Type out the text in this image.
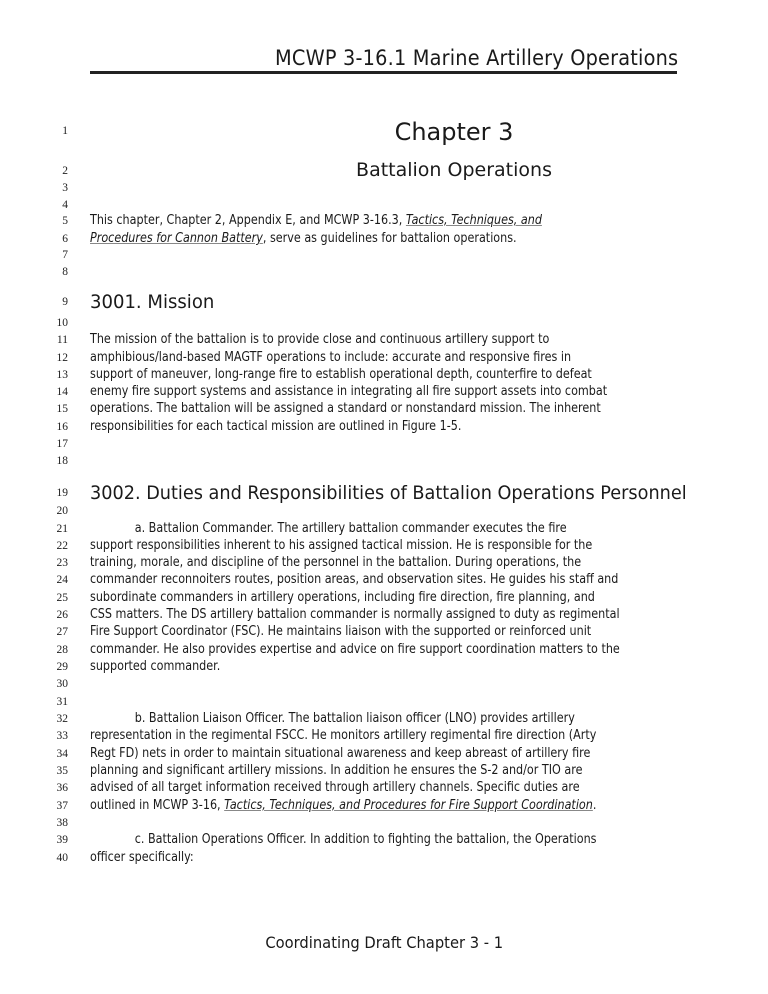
MCWP 3-16.1 Marine Artillery Operations
1
2
3
4
5
6
7
8
9
10
11
12
13
14
15
16
17
18
19
20
21
22
23
24
25
26
27
28
29
30
31
32
33
34
35
36
37
38
39
40
Chapter 3
Battalion Operations
This chapter, Chapter 2, Appendix E, and MCWP 3-16.3, Tactics, Techniques, and
Procedures for Cannon Battery, serve as guidelines for battalion operations.
3001. Mission
The mission of the battalion is to provide close and continuous artillery support to
amphibious/land-based MAGTF operations to include: accurate and responsive fires in
support of maneuver, long-range fire to establish operational depth, counterfire to defeat
enemy fire support systems and assistance in integrating all fire support assets into combat
operations. The battalion will be assigned a standard or nonstandard mission. The inherent
responsibilities for each tactical mission are outlined in Figure 1-5.
3002. Duties and Responsibilities of Battalion Operations Personnel
a. Battalion Commander. The artillery battalion commander executes the fire
support responsibilities inherent to his assigned tactical mission. He is responsible for the
training, morale, and discipline of the personnel in the battalion. During operations, the
commander reconnoiters routes, position areas, and observation sites. He guides his staff and
subordinate commanders in artillery operations, including fire direction, fire planning, and
CSS matters. The DS artillery battalion commander is normally assigned to duty as regimental
Fire Support Coordinator (FSC). He maintains liaison with the supported or reinforced unit
commander. He also provides expertise and advice on fire support coordination matters to the
supported commander.
b. Battalion Liaison Officer. The battalion liaison officer (LNO) provides artillery
representation in the regimental FSCC. He monitors artillery regimental fire direction (Arty
Regt FD) nets in order to maintain situational awareness and keep abreast of artillery fire
planning and significant artillery missions. In addition he ensures the S-2 and/or TIO are
advised of all target information received through artillery channels. Specific duties are
outlined in MCWP 3-16, Tactics, Techniques, and Procedures for Fire Support Coordination.
c. Battalion Operations Officer. In addition to fighting the battalion, the Operations
officer specifically:
Coordinating Draft Chapter 3 - 1
